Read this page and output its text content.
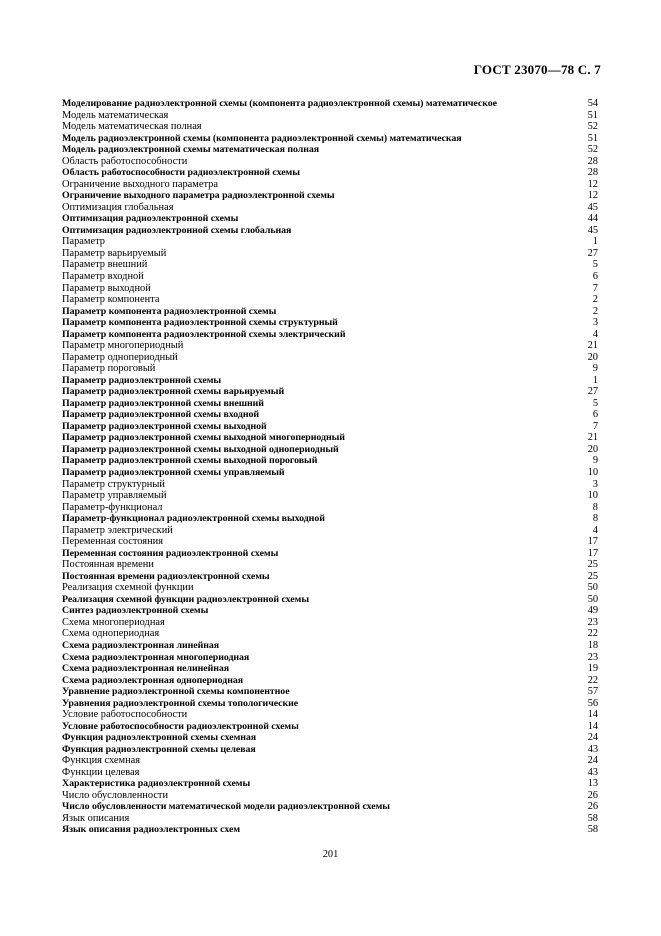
ГОСТ 23070—78 С. 7
Моделирование радиоэлектронной схемы (компонента радиоэлектронной схемы) математическое	54
Модель математическая	51
Модель математическая полная	52
Модель радиоэлектронной схемы (компонента радиоэлектронной схемы) математическая	51
Модель радиоэлектронной схемы математическая полная	52
Область работоспособности	28
Область работоспособности радиоэлектронной схемы	28
Ограничение выходного параметра	12
Ограничение выходного параметра радиоэлектронной схемы	12
Оптимизация глобальная	45
Оптимизация радиоэлектронной схемы	44
Оптимизация радиоэлектронной схемы глобальная	45
Параметр	1
Параметр варьируемый	27
Параметр внешний	5
Параметр входной	6
Параметр выходной	7
Параметр компонента	2
Параметр компонента радиоэлектронной схемы	2
Параметр компонента радиоэлектронной схемы структурный	3
Параметр компонента радиоэлектронной схемы электрический	4
Параметр многопериодный	21
Параметр однопериодный	20
Параметр пороговый	9
Параметр радиоэлектронной схемы	1
Параметр радиоэлектронной схемы варьируемый	27
Параметр радиоэлектронной схемы внешний	5
Параметр радиоэлектронной схемы входной	6
Параметр радиоэлектронной схемы выходной	7
Параметр радиоэлектронной схемы выходной многопериодный	21
Параметр радиоэлектронной схемы выходной однопериодный	20
Параметр радиоэлектронной схемы выходной пороговый	9
Параметр радиоэлектронной схемы управляемый	10
Параметр структурный	3
Параметр управляемый	10
Параметр-функционал	8
Параметр-функционал радиоэлектронной схемы выходной	8
Параметр электрический	4
Переменная состояния	17
Переменная состояния радиоэлектронной схемы	17
Постоянная времени	25
Постоянная времени радиоэлектронной схемы	25
Реализация схемной функции	50
Реализация схемной функции радиоэлектронной схемы	50
Синтез радиоэлектронной схемы	49
Схема многопериодная	23
Схема однопериодная	22
Схема радиоэлектронная линейная	18
Схема радиоэлектронная многопериодная	23
Схема радиоэлектронная нелинейная	19
Схема радиоэлектронная однопериодная	22
Уравнение радиоэлектронной схемы компонентное	57
Уравнения радиоэлектронной схемы топологические	56
Условие работоспособности	14
Условие работоспособности радиоэлектронной схемы	14
Функция радиоэлектронной схемы схемная	24
Функция радиоэлектронной схемы целевая	43
Функция схемная	24
Функции целевая	43
Характеристика радиоэлектронной схемы	13
Число обусловленности	26
Число обусловленности математической модели радиоэлектронной схемы	26
Язык описания	58
Язык описания радиоэлектронных схем	58
201
